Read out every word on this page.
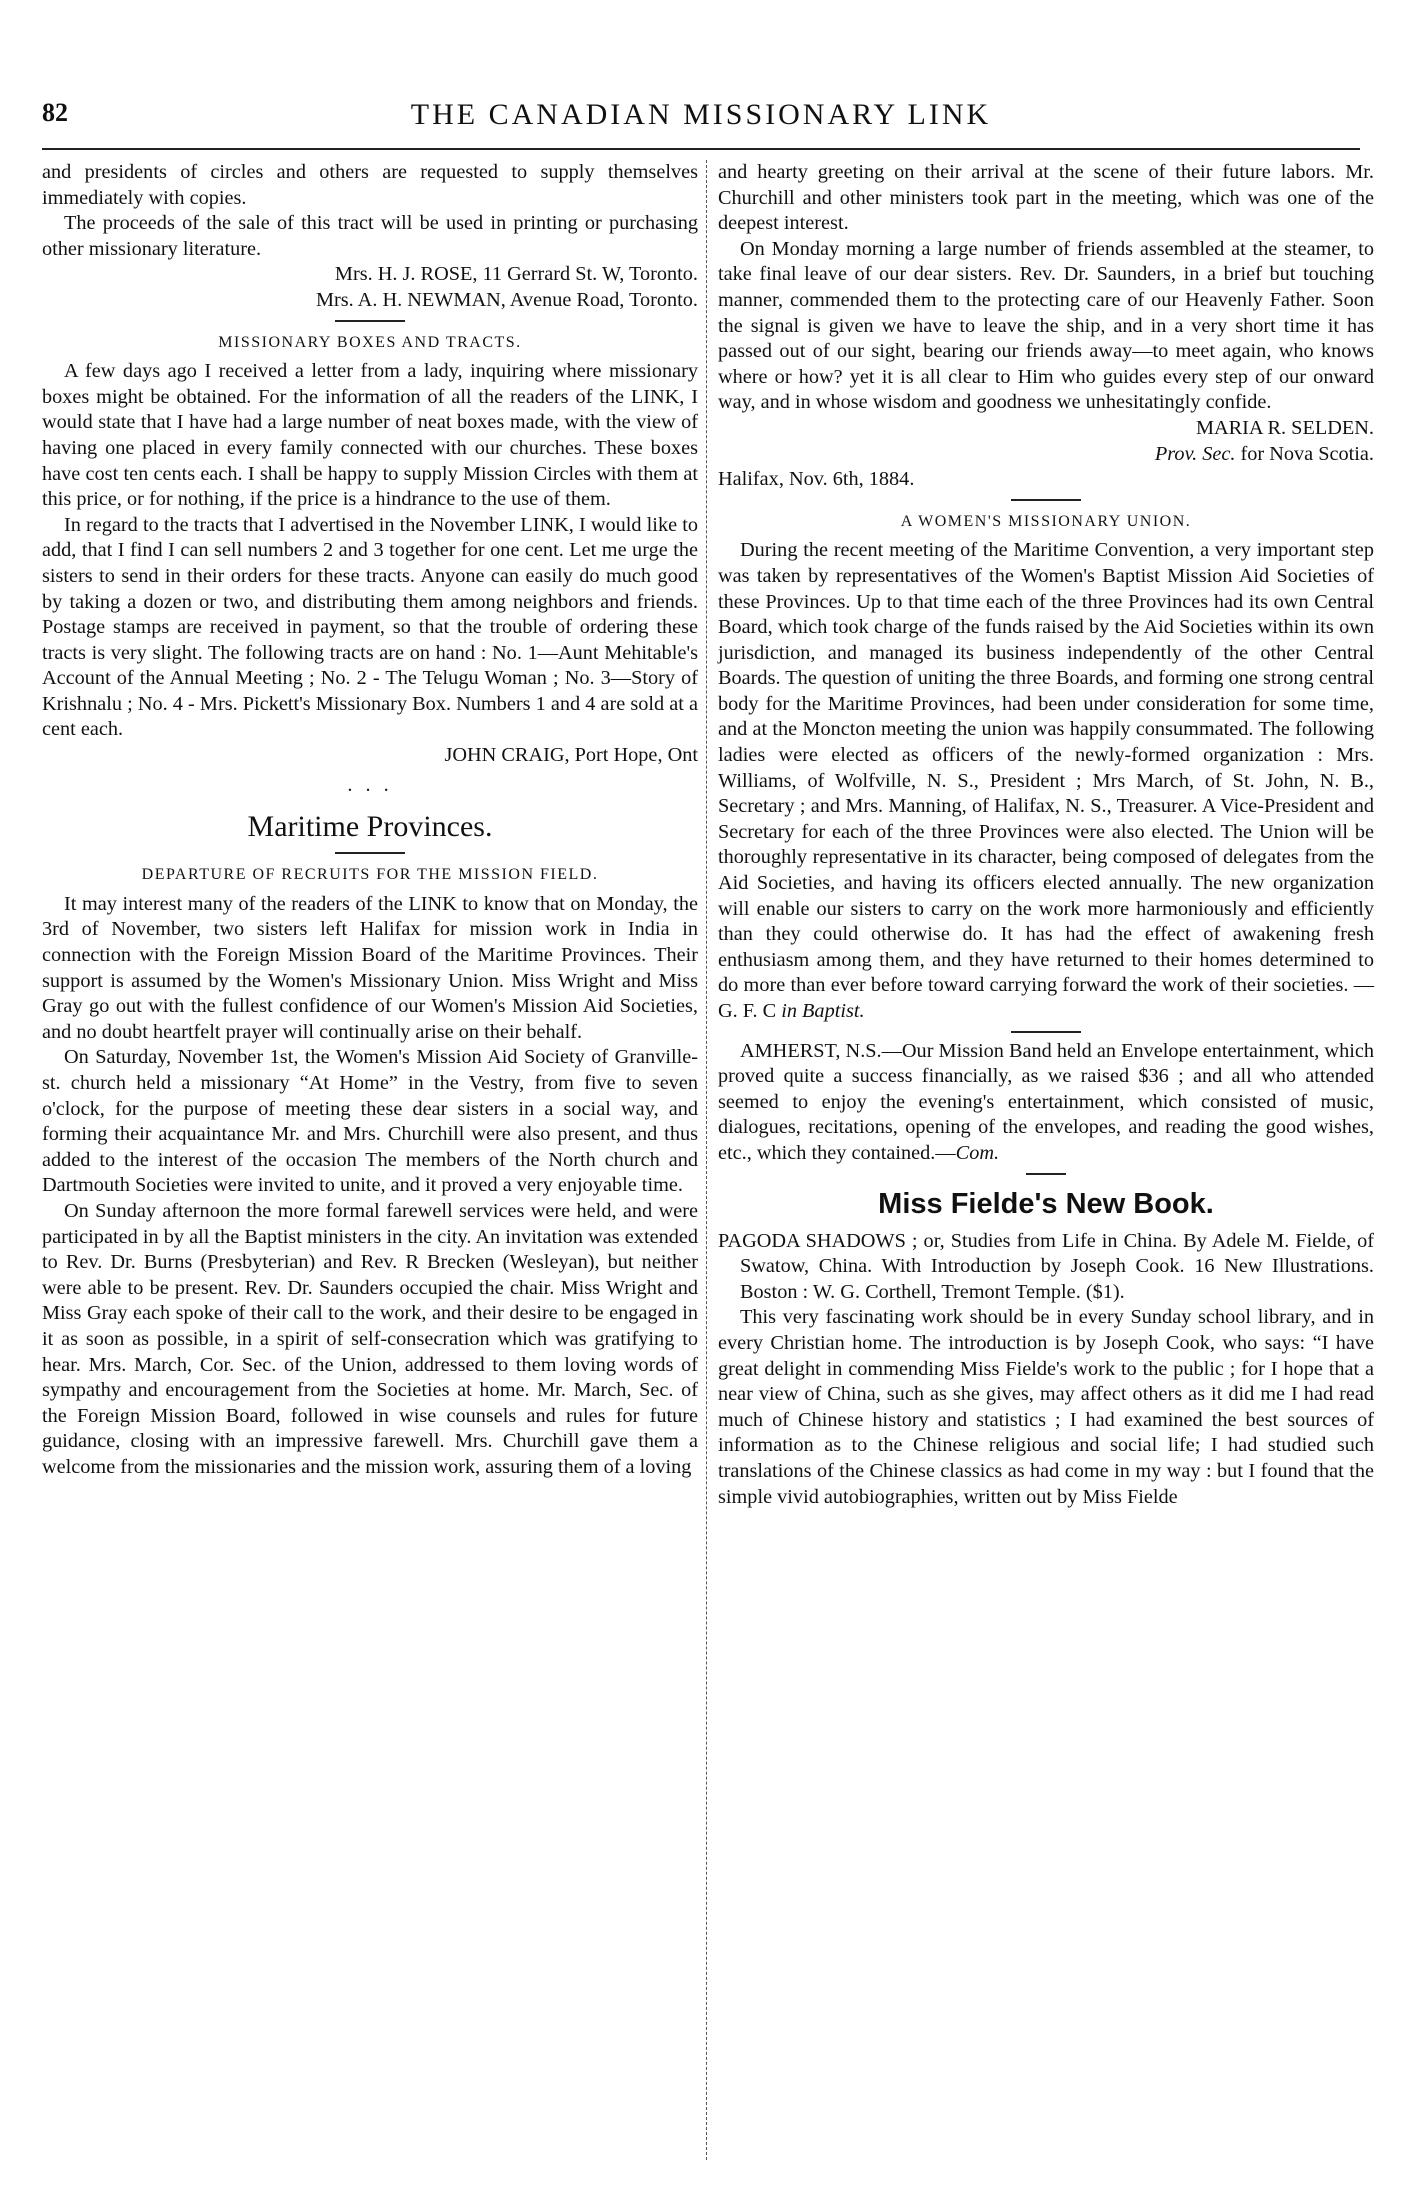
82	THE CANADIAN MISSIONARY LINK

and presidents of circles and others are requested to supply themselves immediately with copies.

The proceeds of the sale of this tract will be used in printing or purchasing other missionary literature.

Mrs. H. J. ROSE, 11 Gerrard St. W, Toronto.

Mrs. A. H. NEWMAN, Avenue Road, Toronto.

MISSIONARY BOXES AND TRACTS.

A few days ago I received a letter from a lady, inquiring where missionary boxes might be obtained. For the information of all the readers of the LINK, I would state that I have had a large number of neat boxes made, with the view of having one placed in every family connected with our churches. These boxes have cost ten cents each. I shall be happy to supply Mission Circles with them at this price, or for nothing, if the price is a hindrance to the use of them.

In regard to the tracts that I advertised in the November LINK, I would like to add, that I find I can sell numbers 2 and 3 together for one cent. Let me urge the sisters to send in their orders for these tracts. Anyone can easily do much good by taking a dozen or two, and distributing them among neighbors and friends. Postage stamps are received in payment, so that the trouble of ordering these tracts is very slight. The following tracts are on hand : No. 1—Aunt Mehitable's Account of the Annual Meeting ; No. 2 - The Telugu Woman ; No. 3—Story of Krishnalu ; No. 4 - Mrs. Pickett's Missionary Box. Numbers 1 and 4 are sold at a cent each.

JOHN CRAIG, Port Hope, Ont

. . .
Maritime Provinces.
DEPARTURE OF RECRUITS FOR THE MISSION FIELD.

It may interest many of the readers of the LINK to know that on Monday, the 3rd of November, two sisters left Halifax for mission work in India in connection with the Foreign Mission Board of the Maritime Provinces. Their support is assumed by the Women's Missionary Union. Miss Wright and Miss Gray go out with the fullest confidence of our Women's Mission Aid Societies, and no doubt heartfelt prayer will continually arise on their behalf.

On Saturday, November 1st, the Women's Mission Aid Society of Granville-st. church held a missionary “At Home” in the Vestry, from five to seven o'clock, for the purpose of meeting these dear sisters in a social way, and forming their acquaintance Mr. and Mrs. Churchill were also present, and thus added to the interest of the occasion The members of the North church and Dartmouth Societies were invited to unite, and it proved a very enjoyable time.

On Sunday afternoon the more formal farewell services were held, and were participated in by all the Baptist ministers in the city. An invitation was extended to Rev. Dr. Burns (Presbyterian) and Rev. R Brecken (Wesleyan), but neither were able to be present. Rev. Dr. Saunders occupied the chair. Miss Wright and Miss Gray each spoke of their call to the work, and their desire to be engaged in it as soon as possible, in a spirit of self-consecration which was gratifying to hear. Mrs. March, Cor. Sec. of the Union, addressed to them loving words of sympathy and encouragement from the Societies at home. Mr. March, Sec. of the Foreign Mission Board, followed in wise counsels and rules for future guidance, closing with an impressive farewell. Mrs. Churchill gave them a welcome from the missionaries and the mission work, assuring them of a loving

and hearty greeting on their arrival at the scene of their future labors. Mr. Churchill and other ministers took part in the meeting, which was one of the deepest interest.

On Monday morning a large number of friends assembled at the steamer, to take final leave of our dear sisters. Rev. Dr. Saunders, in a brief but touching manner, commended them to the protecting care of our Heavenly Father. Soon the signal is given we have to leave the ship, and in a very short time it has passed out of our sight, bearing our friends away—to meet again, who knows where or how? yet it is all clear to Him who guides every step of our onward way, and in whose wisdom and goodness we unhesitatingly confide.

MARIA R. SELDEN.

Prov. Sec. for Nova Scotia.

Halifax, Nov. 6th, 1884.

A WOMEN'S MISSIONARY UNION.

During the recent meeting of the Maritime Convention, a very important step was taken by representatives of the Women's Baptist Mission Aid Societies of these Provinces. Up to that time each of the three Provinces had its own Central Board, which took charge of the funds raised by the Aid Societies within its own jurisdiction, and managed its business independently of the other Central Boards. The question of uniting the three Boards, and forming one strong central body for the Maritime Provinces, had been under consideration for some time, and at the Moncton meeting the union was happily consummated. The following ladies were elected as officers of the newly-formed organization : Mrs. Williams, of Wolfville, N. S., President ; Mrs March, of St. John, N. B., Secretary ; and Mrs. Manning, of Halifax, N. S., Treasurer. A Vice-President and Secretary for each of the three Provinces were also elected. The Union will be thoroughly representative in its character, being composed of delegates from the Aid Societies, and having its officers elected annually. The new organization will enable our sisters to carry on the work more harmoniously and efficiently than they could otherwise do. It has had the effect of awakening fresh enthusiasm among them, and they have returned to their homes determined to do more than ever before toward carrying forward the work of their societies. —G. F. C in Baptist.

AMHERST, N.S.—Our Mission Band held an Envelope entertainment, which proved quite a success financially, as we raised $36 ; and all who attended seemed to enjoy the evening's entertainment, which consisted of music, dialogues, recitations, opening of the envelopes, and reading the good wishes, etc., which they contained.—Com.

Miss Fielde's New Book.

PAGODA SHADOWS ; or, Studies from Life in China. By Adele M. Fielde, of Swatow, China. With Introduction by Joseph Cook. 16 New Illustrations. Boston : W. G. Corthell, Tremont Temple. ($1).

This very fascinating work should be in every Sunday school library, and in every Christian home. The introduction is by Joseph Cook, who says: “I have great delight in commending Miss Fielde's work to the public ; for I hope that a near view of China, such as she gives, may affect others as it did me I had read much of Chinese history and statistics ; I had examined the best sources of information as to the Chinese religious and social life; I had studied such translations of the Chinese classics as had come in my way : but I found that the simple vivid autobiographies, written out by Miss Fielde
